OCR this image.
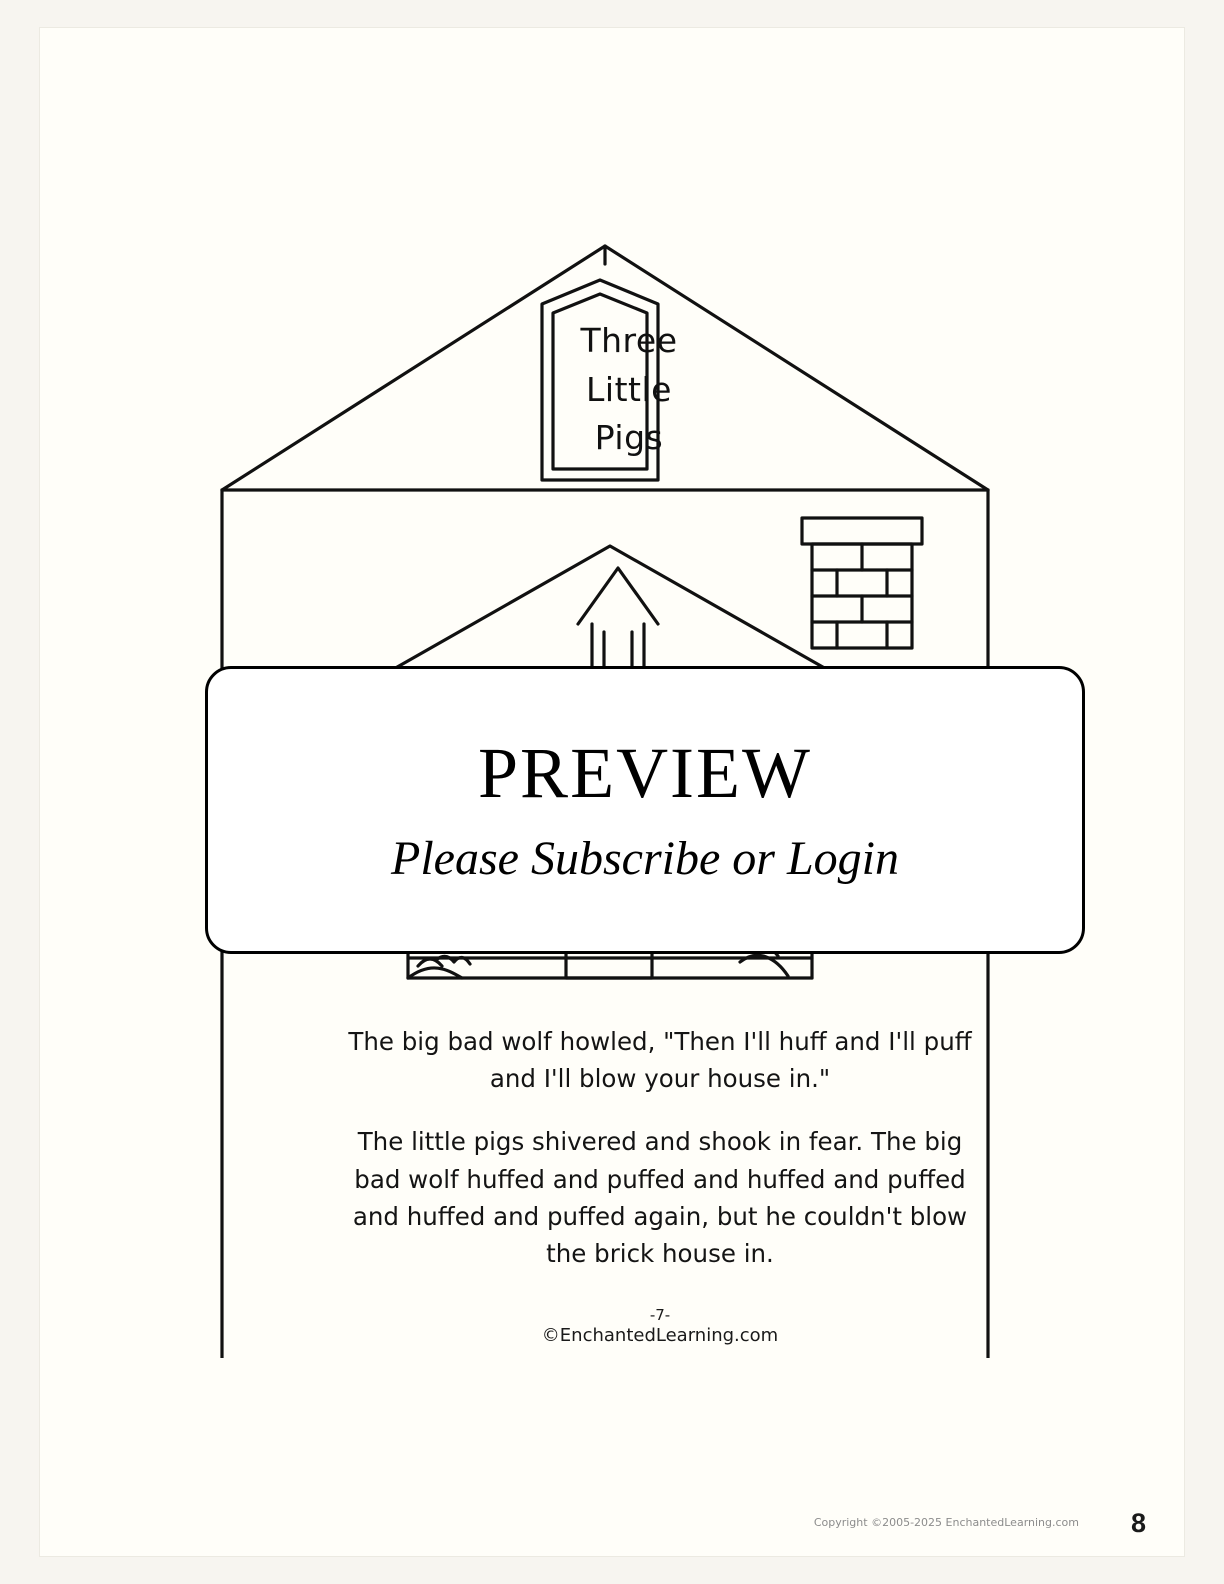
Three
Little
Pigs

The big bad wolf howled, "Then I'll huff and I'll puff and I'll blow your house in."

The little pigs shivered and shook in fear. The big bad wolf huffed and puffed and huffed and puffed and huffed and puffed again, but he couldn't blow the brick house in.

-7-
©EnchantedLearning.com
PREVIEW
Please Subscribe or Login
Copyright ©2005-2025 EnchantedLearning.com 8
